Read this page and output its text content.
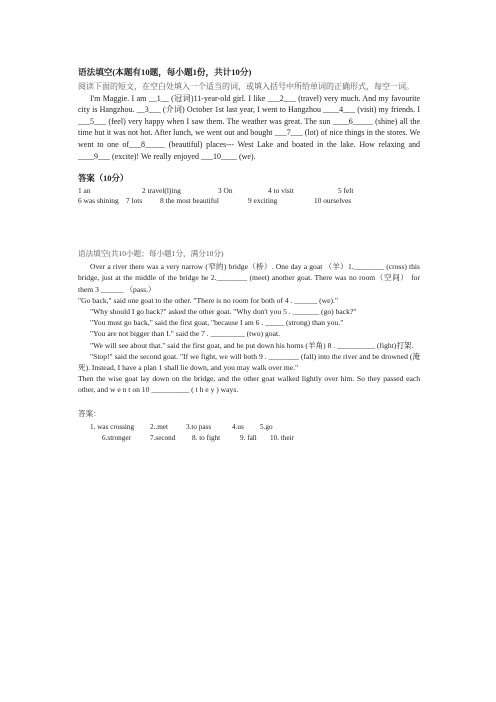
语法填空(本题有10题，每小题1份，共计10分)

阅读下面的短文，在空白处填入一个适当的词，或填入括号中所给单词的正确形式，每空一词。

I'm Maggie. I am __1__ (冠词)11-year-old girl. I like ___2___ (travel) very much. And my favourite city is Hangzhou. __3___ (介词) October 1st last year, I went to Hangzhou ____4___ (visit) my friends. I ___5___ (feel) very happy when I saw them. The weather was great. The sun ____6_____ (shine) all the time but it was not hot. After lunch, we went out and bought ___7___ (lot) of nice things in the stores. We went to one of___8_____ (beautiful) places--- West Lake and boated in the lake. How relaxing and ____9___ (excite)! We really enjoyed ___10____ (we).

答案（10分）

1 an	2 travel(l)ing	3 On	4 to visit	5 felt
6 was shining 7 lots	8 the most beautiful	9 exciting	10 ourselves

语法填空(共10小题；每小题1分，满分10分)

Over a river there was a very narrow (窄的) bridge（桥）. One day a goat （羊）1.________ (cross) this bridge, just at the middle of the bridge he 2.________ (meet) another goat. There was no room（空间） for them 3 ______ （pass.）

"Go back," said one goat to the other. "There is no room for both of 4 . ______ (we)."

"Why should I go back?" asked the other goat. "Why don't you 5 . _______ (go) back?"

"You must go back," said the first goat, "because I am 6 . _____ (strong) than you."

"You are not bigger than I." said the 7 . _________ (two) goat.

"We will see about that." said the first goat, and he put down his horns (羊角) 8 . __________ (fight)打架.

"Stop!" said the second goat. "If we fight, we will both 9 . ________ (fall) into the river and be drowned (淹死). Instead, I have a plan 1 shall lie down, and you may walk over me."

Then the wise goat lay down on the bridge, and the other goat walked lightly over him. So they passed each other, and w e n t on 10 __________ ( t h e y ) ways.

答案：

1. was crossing	2..met	3.to pass	4.us	5.go
6.stronger	7.second	8. to fight	9. fall	10. their
